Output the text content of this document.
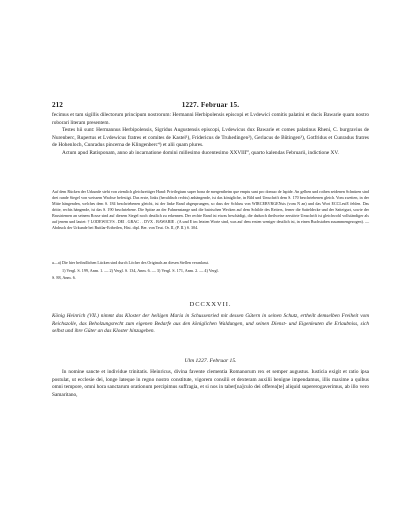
212	1227. Februar 15.

fecimus et tam sigillis dilectorum principum nostrorum: Hermanni Herbipolensis episcopi et Lvdewici comitis palatini et ducis Bawarie quam nostro roborari literam presentem.

Testes hii sunt: Hermannus Herbipolensis, Sigridus Augustensis episcopi, Lvdewicus dux Bawarie et comes palatinus Rheni, C. burgravius de Nurenberc, Rupertus et Lvdewicus fratres et comites de Kastel¹), Fridericus de Truhedingen²), Gerlacus de Bûtingen³), Gotfridus et Cunradus fratres de Hohenloch, Cunradus pincerna de Klingenberc⁴) et alii quam plures.

Actum apud Ratisponam, anno ab incarnatione domini millesimo ducentesimo XXVIII⁰, quarto kalendas Februarii, indictione XV.

Auf dem Rücken der Urkunde steht von ziemlich gleichzeitiger Hand: Privilegium super bona de mergentheim que emptu sunt pro domuo de lapide. An gelben und rothen seidenen Schnüren sind drei runde Siegel von weissem Wachse befestigt. Das erste, links (heraldisch rechts) anhängende, ist das königliche, in Bild und Umschrift dem S. 170 beschriebenen gleich. Vom zweiten, in der Mitte hängenden, welches dem S. 184 beschriebenen gleicht, ist der linke Rand abgesprungen, so dass der Schluss von WIRCEBVRGENsis (vom N an) und das Wort ECCLesiE fehlen. Das dritte, rechts hängende, ist das S. 190 beschriebene. Die Spitze an der Fahnenstange und die bairischen Wecken auf dem Schilde des Reiters, ferner die Satteldecke und der Satteigurt, sowie der Brustriemen an seinem Rosse sind auf diesem Siegel noch deutlich zu erkennen. Der rechte Rand ist etwas beschädigt, die dadurch theilweise zerstörte Umschrift ist gleichwohl vollständiger als auf jenem und lautet: † LODEWICVS . DEI . GRAC . . DVX . BAWARIE . (A und E im letzten Worte sind, was auf dem ersten weniger deutlich ist, in einen Buchstaben zusammengezogen). — Abdruck der Urkunde bei Buttlar-Ertbeilen, Hist. dipl. Ber. von Teut. Or. II, (P. II.) S. 304.

a—a) Die hier befindlichen Lücken sind durch Löcher des Originals an diesen Stellen veranlasst.

1) Vergl. S. 199, Anm. 1. — 2) Vergl. S. 134, Anm. 6. — 3) Vergl. S. 171, Anm. 2. — 4) Vergl.
S. 88, Anm. 6.
DCCXXVII.

König Heinrich (VII.) nimmt das Kloster der heiligen Maria in Schussenried mit dessen Gütern in seinen Schutz, ertheilt demselben Freiheit vom Reichszolle, das Beholzungsrecht zum eigenen Bedarfe aus den königlichen Waldungen, und seinen Dienst- und Eigenleuten die Erlaubniss, sich selbst und ihre Güter an das Kloster hinzugeben.

Ulm 1227. Februar 15.

In nomine sancte et individue trinitatis. Heinricus, divina favente clementia Romanorum rex et semper augustus. Iusticia exigit et ratio ipsa postulat, ut ecclesie dei, longe lateque in regno nostro constitute, vigorem consilii et dexteram auxilii benigne impendamus, illis maxime a quibus omni tempore, omni hora sanctarum orationum percipimus suffragia, et si nos in taber[na]culo dei offerea[te] aliquid supererogaverimus, ab illo vero Samaritano,
